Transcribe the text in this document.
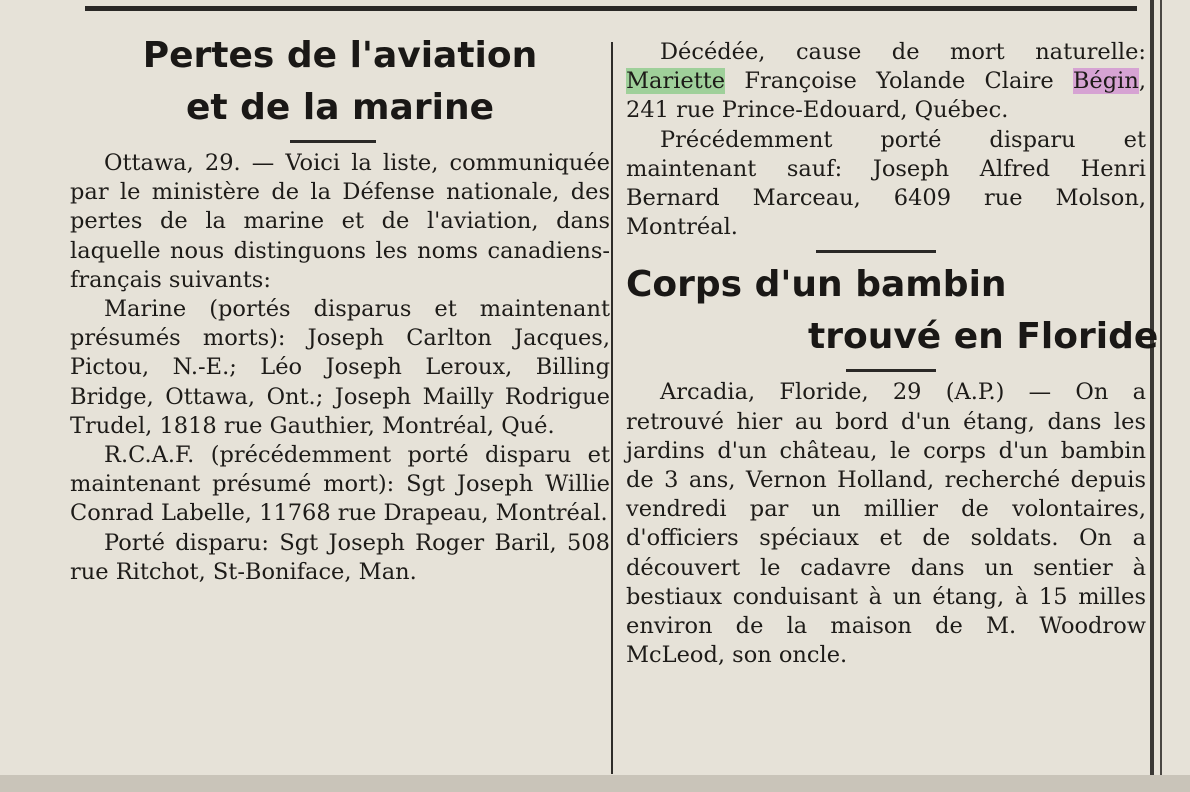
Pertes de l'aviation
et de la marine

Ottawa, 29. — Voici la liste, communiquée par le ministère de la Défense nationale, des pertes de la marine et de l'aviation, dans laquelle nous distinguons les noms canadiens-français suivants:

Marine (portés disparus et maintenant présumés morts): Joseph Carlton Jacques, Pictou, N.-E.; Léo Joseph Leroux, Billing Bridge, Ottawa, Ont.; Joseph Mailly Rodrigue Trudel, 1818 rue Gauthier, Montréal, Qué.

R.C.A.F. (précédemment porté disparu et maintenant présumé mort): Sgt Joseph Willie Conrad Labelle, 11768 rue Drapeau, Montréal.

Porté disparu: Sgt Joseph Roger Baril, 508 rue Ritchot, St-Boniface, Man.

Décédée, cause de mort naturelle: Mariette Françoise Yolande Claire Bégin, 241 rue Prince-Edouard, Québec.

Précédemment porté disparu et maintenant sauf: Joseph Alfred Henri Bernard Marceau, 6409 rue Molson, Montréal.

Corps d'un bambin
trouvé en Floride

Arcadia, Floride, 29 (A.P.) — On a retrouvé hier au bord d'un étang, dans les jardins d'un château, le corps d'un bambin de 3 ans, Vernon Holland, recherché depuis vendredi par un millier de volontaires, d'officiers spéciaux et de soldats. On a découvert le cadavre dans un sentier à bestiaux conduisant à un étang, à 15 milles environ de la maison de M. Woodrow McLeod, son oncle.
